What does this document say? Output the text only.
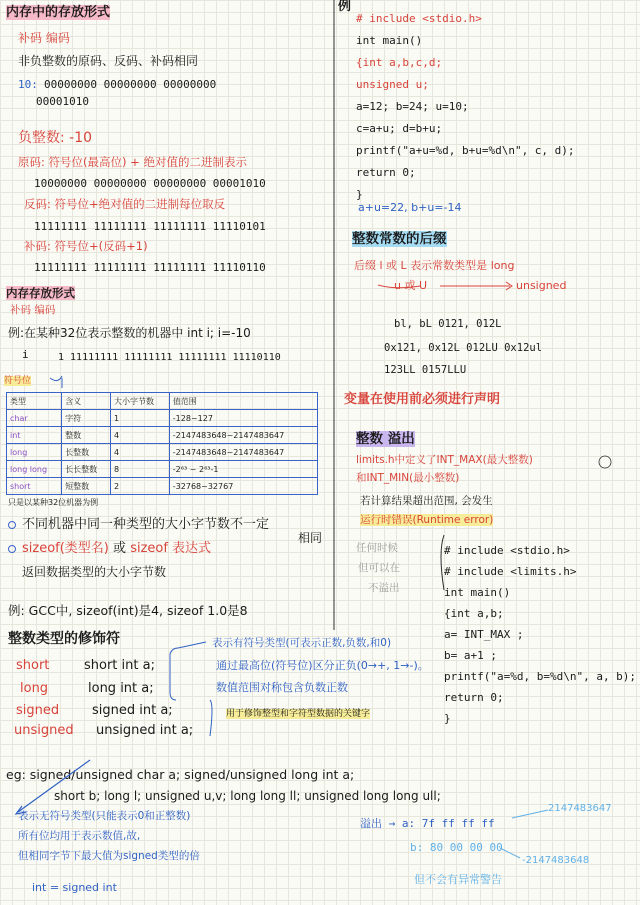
内存中的存放形式
补码 编码
非负整数的原码、反码、补码相同
10: 00000000 00000000 00000000
00001010
负整数: -10
原码: 符号位(最高位) + 绝对值的二进制表示
10000000 00000000 00000000 00001010
反码: 符号位+绝对值的二进制每位取反
11111111 11111111 11111111 11110101
补码: 符号位+(反码+1)
11111111 11111111 11111111 11110110
内存存放形式
补码 编码
例:在某种32位表示整数的机器中 int i; i=-10
i	1 11111111 11111111 11111111 11110110
符号位
类型	含义	大小字节数	值范围
char	字符	1	-128~127
int	整数	4	-2147483648~2147483647
long	长整数	4	-2147483648~2147483647
long long	长长整数	8	-2⁶³ ~ 2⁶³-1
short	短整数	2	-32768~32767
只是以某种32位机器为例
不同机器中同一种类型的大小字节数不一定
相同
sizeof(类型名) 或 sizeof 表达式
返回数据类型的大小字节数
例: GCC中, sizeof(int)是4, sizeof 1.0是8
整数类型的修饰符
short	short int a;
long	long int a;
signed	signed int a;
unsigned unsigned int a;
表示有符号类型(可表示正数,负数,和0)
通过最高位(符号位)区分正负(0→+, 1→-)。
数值范围对称包含负数正数
用于修饰整型和字符型数据的关键字
eg: signed/unsigned char a; signed/unsigned long int a;
short b; long l; unsigned u,v; long long ll; unsigned long long ull;
表示无符号类型(只能表示0和正整数)
所有位均用于表示数值,故,
但相同字节下最大值为signed类型的倍
int = signed int
例
# include <stdio.h>
int main()
{int a,b,c,d;
unsigned u;
a=12; b=24; u=10;
c=a+u; d=b+u;
printf("a+u=%d, b+u=%d\n", c, d);
return 0;
}
a+u=22, b+u=-14
整数常数的后缀
后缀 l 或 L 表示常数类型是 long
u 或 U	unsigned
bl, bL 0121, 012L
0x121, 0x12L 012LU 0x12ul
123LL 0157LLU
变量在使用前必须进行声明
整数 溢出
limits.h中定义了INT_MAX(最大整数)
和INT_MIN(最小整数)
若计算结果超出范围, 会发生
运行时错误(Runtime error)
任何时候
但可以在
不溢出
# include <stdio.h>
# include <limits.h>
int main()
{int a,b;
a= INT_MAX ;
b= a+1 ;
printf("a=%d, b=%d\n", a, b);
return 0;
}
溢出 → a: 7f ff ff ff
2147483647
b: 80 00 00 00
-2147483648
但不会有异常警告
